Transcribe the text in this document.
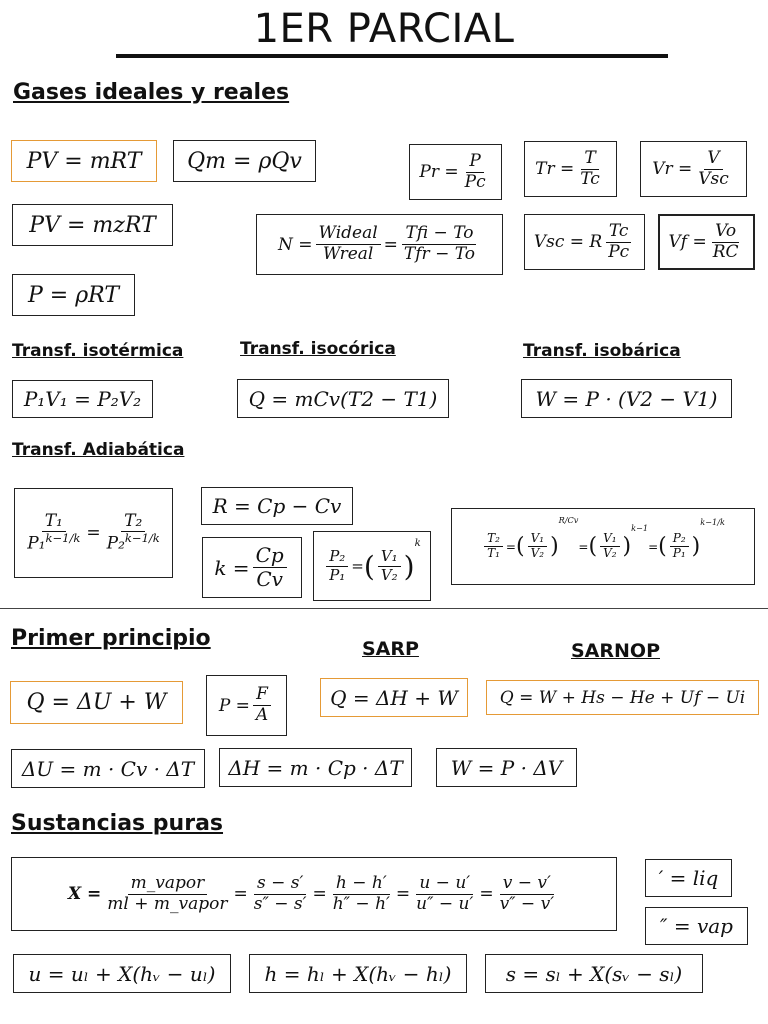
1ER PARCIAL
Gases ideales y reales
PV = mRT	Qm = ρQv
PV = mzRT
P = ρRT
$Pr = \frac{P}{Pc}$	$Tr = \frac{T}{Tc}$	$Vr = \frac{V}{\text{Vsc}}$
$N = \frac{\text{Wideal}}{\text{Wreal}} = \frac{\text{Tfi − To}}{\text{Tfr − To}}$	Vsc = R $\frac{Tc}{Pc}$ $Vf = \frac{Vo}{RC}$
Transf. isotérmica	Transf. isocórica	Transf. isobárica
P₁V₁ = P₂V₂	Q = mCv(T2 − T1)	W = P · (V2 − V1)
Transf. Adiabática
$\frac{\text{T₁}}{P_1^{k-1/k}} = \frac{\text{T₂}}{P_2^{k-1/k}}$
R = Cp − Cv
$k = \frac{Cp}{Cv}$	$\frac{\text{P₂}}{\text{P₁}}$ = ( $\frac{\text{V₁}}{\text{V₂}}$ )
k	$\frac{\text{T₂}}{\text{T₁}}$ = ( $\frac{\text{V₁}}{\text{V₂}}$ )
R/Cv
= ( $\frac{\text{V₁}}{\text{V₂}}$ )
k−1
= ( $\frac{\text{P₂}}{\text{P₁}}$ )
k−1/k
Primer principio	SARP	SARNOP
Q = ΔU + W	$P = \frac{F}{A}$	Q = ΔH + W	Q = W + Hs − He + Uf − Ui
ΔU = m · Cv · ΔT	ΔH = m · Cp · ΔT	W = P · ΔV
Sustancias puras
$X = \frac{\text{m\_vapor}}{\text{ml + m\_vapor}} = \frac{s - s'}{s'' - s'} = \frac{h - h'}{h'' - h'} = \frac{u - u'}{u'' - u'} = \frac{v - v'}{v'' - v'}$	′ = liq
″ = vap
u = uₗ + X(hᵥ − uₗ)	h = hₗ + X(hᵥ − hₗ)	s = sₗ + X(sᵥ − sₗ)
